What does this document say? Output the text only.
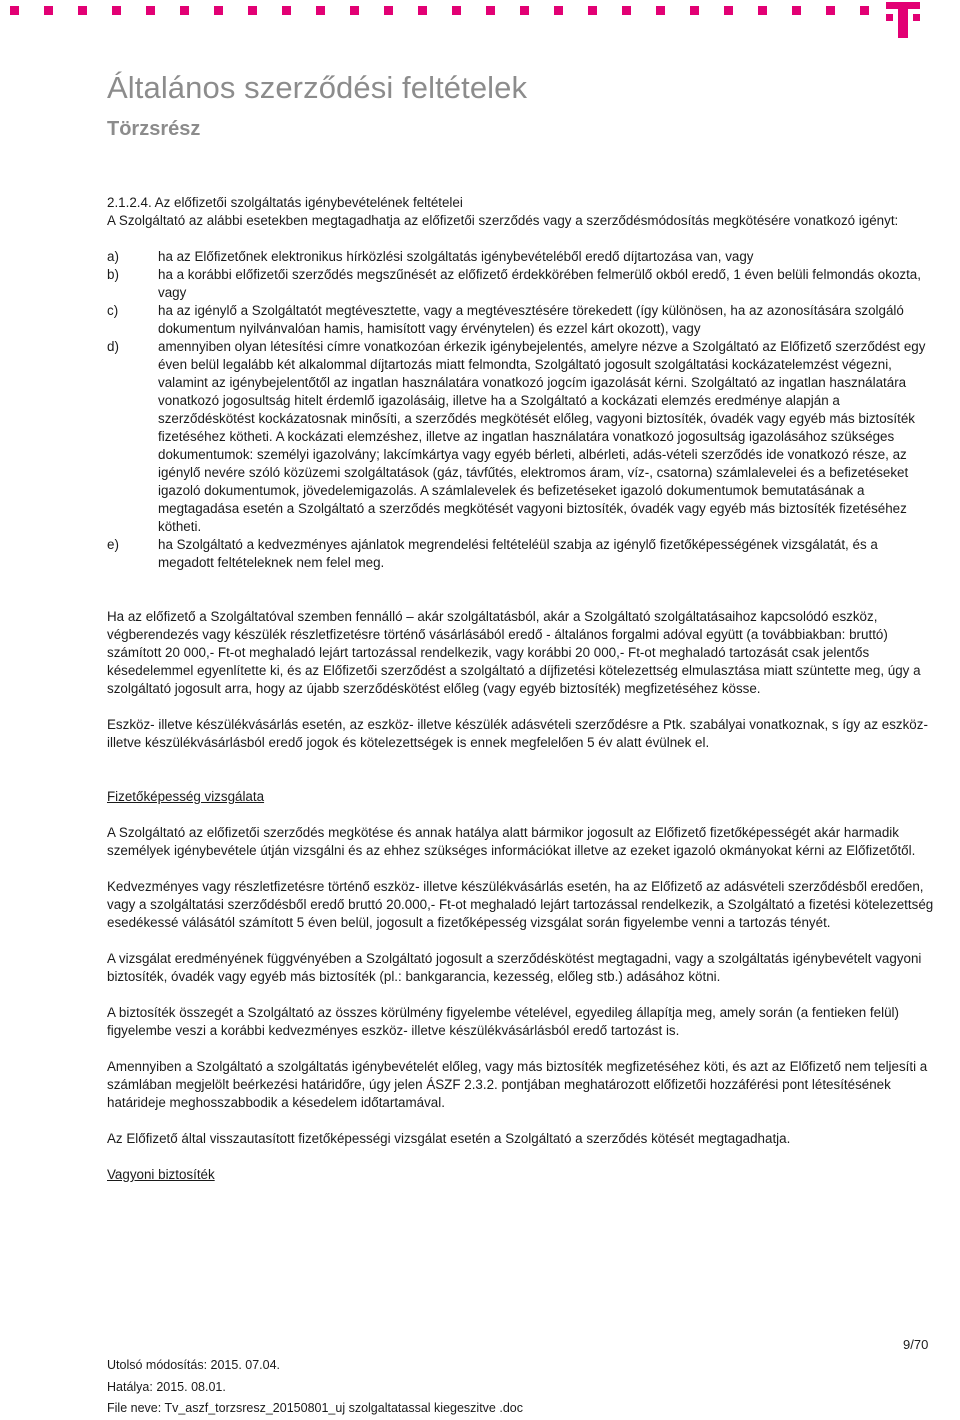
Általános szerződési feltételek
Törzsrész

2.1.2.4. Az előfizetői szolgáltatás igénybevételének feltételei

A Szolgáltató az alábbi esetekben megtagadhatja az előfizetői szerződés vagy a szerződésmódosítás megkötésére vonatkozó igényt:

a)	ha az Előfizetőnek elektronikus hírközlési szolgáltatás igénybevételéből eredő díjtartozása van, vagy
b)	ha a korábbi előfizetői szerződés megszűnését az előfizető érdekkörében felmerülő okból eredő, 1 éven belüli felmondás okozta, vagy
c)	ha az igénylő a Szolgáltatót megtévesztette, vagy a megtévesztésére törekedett (így különösen, ha az azonosítására szolgáló dokumentum nyilvánvalóan hamis, hamisított vagy érvénytelen) és ezzel kárt okozott), vagy
d)	amennyiben olyan létesítési címre vonatkozóan érkezik igénybejelentés, amelyre nézve a Szolgáltató az Előfizető szerződést egy éven belül legalább két alkalommal díjtartozás miatt felmondta, Szolgáltató jogosult szolgáltatási kockázatelemzést végezni, valamint az igénybejelentőtől az ingatlan használatára vonatkozó jogcím igazolását kérni. Szolgáltató az ingatlan használatára vonatkozó jogosultság hitelt érdemlő igazolásáig, illetve ha a Szolgáltató a kockázati elemzés eredménye alapján a szerződéskötést kockázatosnak minősíti, a szerződés megkötését előleg, vagyoni biztosíték, óvadék vagy egyéb más biztosíték fizetéséhez kötheti. A kockázati elemzéshez, illetve az ingatlan használatára vonatkozó jogosultság igazolásához szükséges dokumentumok: személyi igazolvány; lakcímkártya vagy egyéb bérleti, albérleti, adás-vételi szerződés ide vonatkozó része, az igénylő nevére szóló közüzemi szolgáltatások (gáz, távfűtés, elektromos áram, víz-, csatorna) számlalevelei és a befizetéseket igazoló dokumentumok, jövedelemigazolás. A számlalevelek és befizetéseket igazoló dokumentumok bemutatásának a megtagadása esetén a Szolgáltató a szerződés megkötését vagyoni biztosíték, óvadék vagy egyéb más biztosíték fizetéséhez kötheti.
e)	ha Szolgáltató a kedvezményes ajánlatok megrendelési feltételéül szabja az igénylő fizetőképességének vizsgálatát, és a megadott feltételeknek nem felel meg.

Ha az előfizető a Szolgáltatóval szemben fennálló – akár szolgáltatásból, akár a Szolgáltató szolgáltatásaihoz kapcsolódó eszköz, végberendezés vagy készülék részletfizetésre történő vásárlásából eredő - általános forgalmi adóval együtt (a továbbiakban: bruttó) számított 20 000,- Ft-ot meghaladó lejárt tartozással rendelkezik, vagy korábbi 20 000,- Ft-ot meghaladó tartozását csak jelentős késedelemmel egyenlítette ki, és az Előfizetői szerződést a szolgáltató a díjfizetési kötelezettség elmulasztása miatt szüntette meg, úgy a szolgáltató jogosult arra, hogy az újabb szerződéskötést előleg (vagy egyéb biztosíték) megfizetéséhez kösse.

Eszköz- illetve készülékvásárlás esetén, az eszköz- illetve készülék adásvételi szerződésre a Ptk. szabályai vonatkoznak, s így az eszköz- illetve készülékvásárlásból eredő jogok és kötelezettségek is ennek megfelelően 5 év alatt évülnek el.

Fizetőképesség vizsgálata

A Szolgáltató az előfizetői szerződés megkötése és annak hatálya alatt bármikor jogosult az Előfizető fizetőképességét akár harmadik személyek igénybevétele útján vizsgálni és az ehhez szükséges információkat illetve az ezeket igazoló okmányokat kérni az Előfizetőtől.

Kedvezményes vagy részletfizetésre történő eszköz- illetve készülékvásárlás esetén, ha az Előfizető az adásvételi szerződésből eredően, vagy a szolgáltatási szerződésből eredő bruttó 20.000,- Ft-ot meghaladó lejárt tartozással rendelkezik, a Szolgáltató a fizetési kötelezettség esedékessé válásától számított 5 éven belül, jogosult a fizetőképesség vizsgálat során figyelembe venni a tartozás tényét.

A vizsgálat eredményének függvényében a Szolgáltató jogosult a szerződéskötést megtagadni, vagy a szolgáltatás igénybevételt vagyoni biztosíték, óvadék vagy egyéb más biztosíték (pl.: bankgarancia, kezesség, előleg stb.) adásához kötni.

A biztosíték összegét a Szolgáltató az összes körülmény figyelembe vételével, egyedileg állapítja meg, amely során (a fentieken felül) figyelembe veszi a korábbi kedvezményes eszköz- illetve készülékvásárlásból eredő tartozást is.

Amennyiben a Szolgáltató a szolgáltatás igénybevételét előleg, vagy más biztosíték megfizetéséhez köti, és azt az Előfizető nem teljesíti a számlában megjelölt beérkezési határidőre, úgy jelen ÁSZF 2.3.2. pontjában meghatározott előfizetői hozzáférési pont létesítésének határideje meghosszabbodik a késedelem időtartamával.

Az Előfizető által visszautasított fizetőképességi vizsgálat esetén a Szolgáltató a szerződés kötését megtagadhatja.

Vagyoni biztosíték

9/70
Utolsó módosítás: 2015. 07.04.
Hatálya: 2015. 08.01.
File neve: Tv_aszf_torzsresz_20150801_uj szolgaltatassal kiegeszitve .doc
